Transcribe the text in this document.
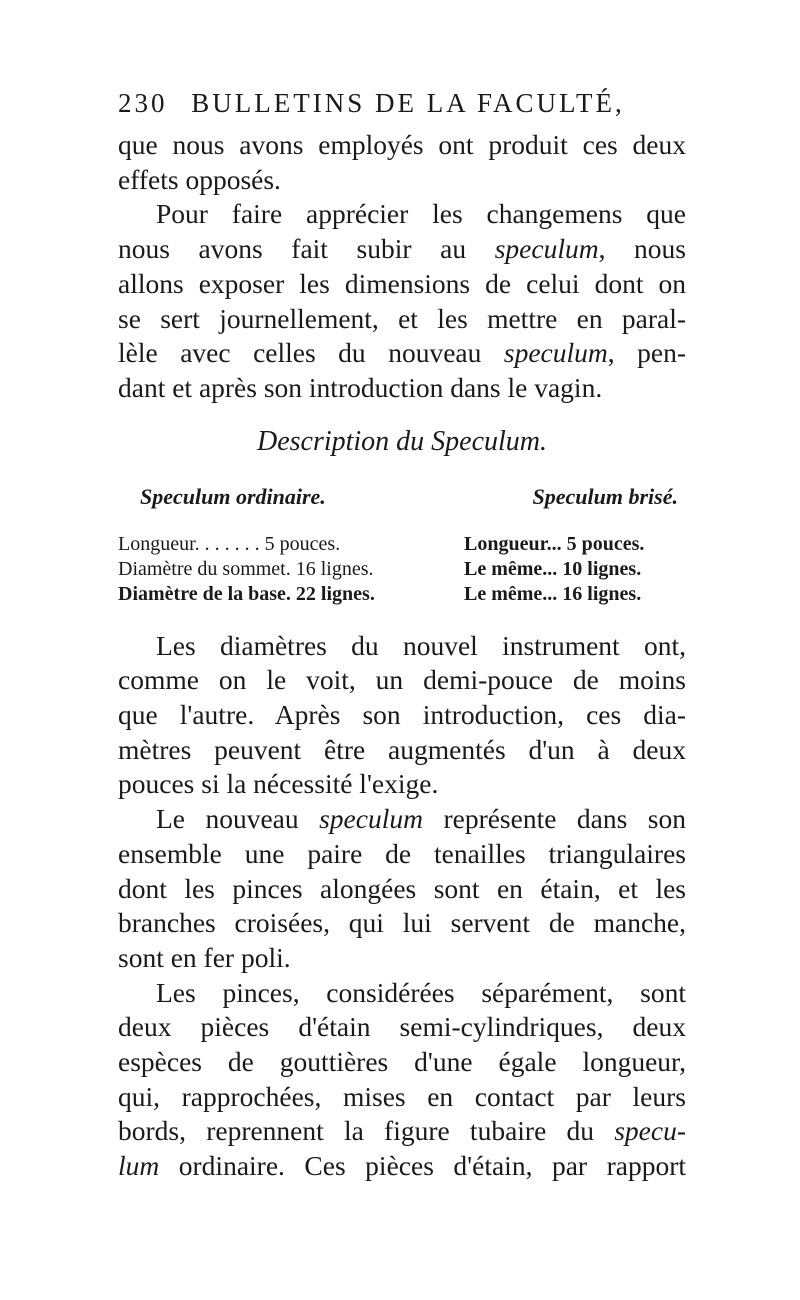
230 BULLETINS DE LA FACULTÉ,
que nous avons employés ont produit ces deux
effets opposés.
Pour faire apprécier les changemens que
nous avons fait subir au speculum, nous
allons exposer les dimensions de celui dont on
se sert journellement, et les mettre en paral-
lèle avec celles du nouveau speculum, pen-
dant et après son introduction dans le vagin.
Description du Speculum.
Speculum ordinaire.	Speculum brisé.
Longueur. . . . . . . 5 pouces.	Longueur... 5 pouces.
Diamètre du sommet. 16 lignes.	Le même... 10 lignes.
Diamètre de la base. 22 lignes.	Le même... 16 lignes.
Les diamètres du nouvel instrument ont,
comme on le voit, un demi-pouce de moins
que l'autre. Après son introduction, ces dia-
mètres peuvent être augmentés d'un à deux
pouces si la nécessité l'exige.
Le nouveau speculum représente dans son
ensemble une paire de tenailles triangulaires
dont les pinces alongées sont en étain, et les
branches croisées, qui lui servent de manche,
sont en fer poli.
Les pinces, considérées séparément, sont
deux pièces d'étain semi-cylindriques, deux
espèces de gouttières d'une égale longueur,
qui, rapprochées, mises en contact par leurs
bords, reprennent la figure tubaire du specu-
lum ordinaire. Ces pièces d'étain, par rapport
